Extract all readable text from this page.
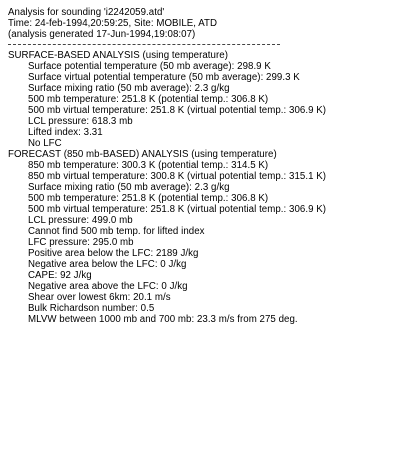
Analysis for sounding 'i2242059.atd'
Time: 24-feb-1994,20:59:25, Site: MOBILE, ATD
(analysis generated 17-Jun-1994,19:08:07)
SURFACE-BASED ANALYSIS (using temperature)
Surface potential temperature (50 mb average): 298.9 K
Surface virtual potential temperature (50 mb average): 299.3 K
Surface mixing ratio (50 mb average): 2.3 g/kg
500 mb temperature: 251.8 K (potential temp.: 306.8 K)
500 mb virtual temperature: 251.8 K (virtual potential temp.: 306.9 K)
LCL pressure: 618.3 mb
Lifted index: 3.31
No LFC
FORECAST (850 mb-BASED) ANALYSIS (using temperature)
850 mb temperature: 300.3 K (potential temp.: 314.5 K)
850 mb virtual temperature: 300.8 K (virtual potential temp.: 315.1 K)
Surface mixing ratio (50 mb average): 2.3 g/kg
500 mb temperature: 251.8 K (potential temp.: 306.8 K)
500 mb virtual temperature: 251.8 K (virtual potential temp.: 306.9 K)
LCL pressure: 499.0 mb
Cannot find 500 mb temp. for lifted index
LFC pressure: 295.0 mb
Positive area below the LFC: 2189 J/kg
Negative area below the LFC: 0 J/kg
CAPE: 92 J/kg
Negative area above the LFC: 0 J/kg
Shear over lowest 6km: 20.1 m/s
Bulk Richardson number: 0.5
MLVW between 1000 mb and 700 mb: 23.3 m/s from 275 deg.
